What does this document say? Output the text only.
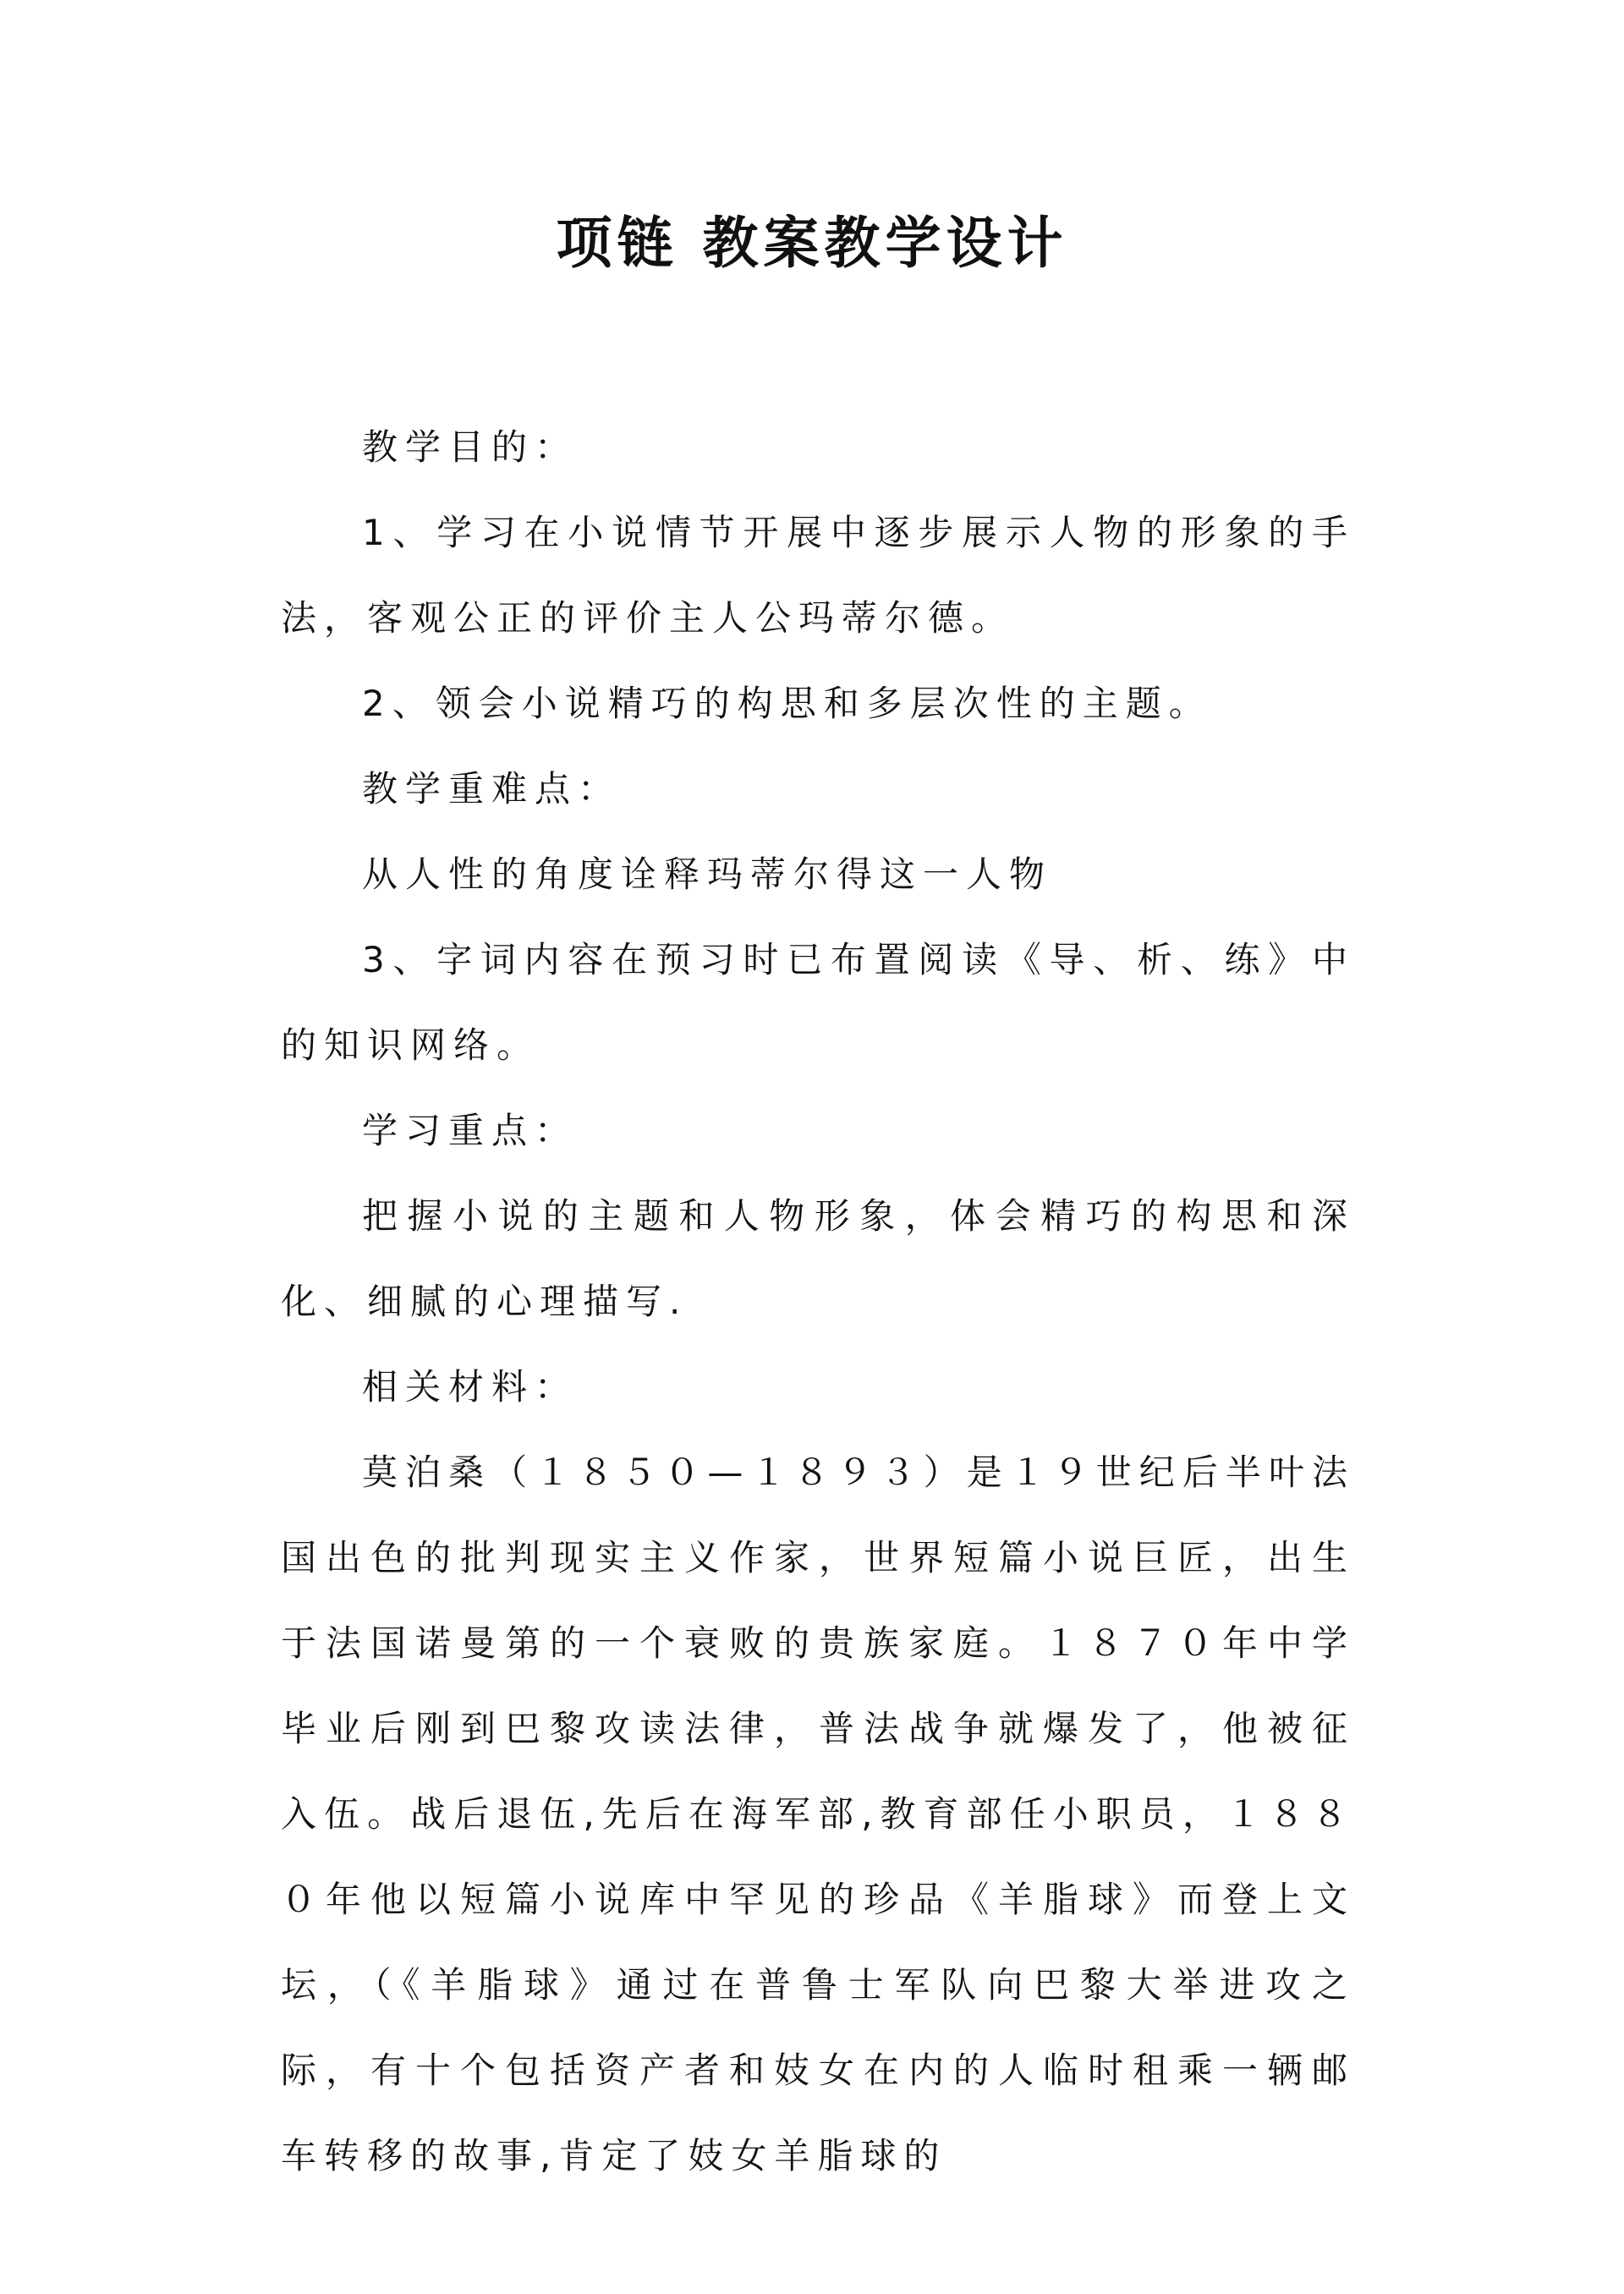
项链 教案教学设计

教学目的：

1、学习在小说情节开展中逐步展示人物的形象的手法，客观公正的评价主人公玛蒂尔德。

2、领会小说精巧的构思和多层次性的主题。

教学重难点：

从人性的角度诠释玛蒂尔得这一人物

3、字词内容在预习时已布置阅读《导、析、练》中的知识网络。

学习重点：

把握小说的主题和人物形象，体会精巧的构思和深化、细腻的心理描写.

相关材料：

莫泊桑（１８５０—１８９３）是１９世纪后半叶法国出色的批判现实主义作家，世界短篇小说巨匠，出生于法国诺曼第的一个衰败的贵族家庭。１８７０年中学毕业后刚到巴黎攻读法律，普法战争就爆发了，他被征入伍。战后退伍,先后在海军部,教育部任小职员，１８８０年他以短篇小说库中罕见的珍品《羊脂球》而登上文坛，（《羊脂球》通过在普鲁士军队向巴黎大举进攻之际，有十个包括资产者和妓女在内的人临时租乘一辆邮车转移的故事,肯定了妓女羊脂球的
